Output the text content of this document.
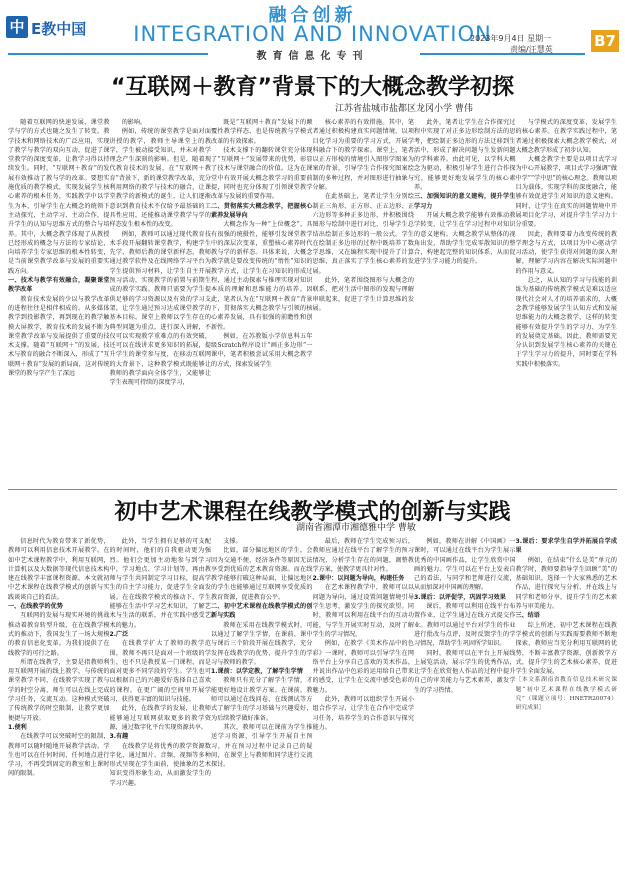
中 E教中国
融合创新
INTEGRATION AND INNOVATION
教育信息化专刊
2023年9月4日 星期一
责编/汪慧英	B7
“互联网＋教育”背景下的大概念教学初探
江苏省盐城市盐都区龙冈小学 曹伟

随着互联网的快速发展，课堂教学与学的方式也随之发生了转变。教学技术和网络技术的广泛应用，实现了教学与教学的双向互动，促进了课堂教学的深度变革，让教学习得以持续发生。同时，“互联网＋教育”的发展有效推动了教与学的改革。要想实施优质的教学模式，实现发展学生核心素养的根本任务，实践教学中以学生为本，引导学生在大概念的统领下主动探究，主动学习、主动合作，提升学生的认知与思维方式的整合与培养。其中，大概念教学体现了从教授已经形成的概念与方法的专家结论，向培养学生专家思维的根本性转变，是当前课堂教学改革与发展的重要实践方向。

一、技术与教学有效融合，凝聚课堂教学改革

教育技术发展的少以与教学改革的进程往往是相伴相成的。从多媒体教学到投影教学，再到现在的教学触摸大屏教学，教育技术的发展不断为课堂教学改革与发展提供了重要的技术支撑。随着“互联网＋”的发展，技术与教育的融合不断深入，形成了“互联网＋教育”发展的新局面，这对传统课堂的教与学产生了深远

的影响。

例如，传统的课堂教学是面对面讲授的教学，教师主导课堂上的教学，学生被动接受知识，并未对教学理念产生深刻的影响。但是，随着现代教育技术的发展，在“互联网＋教育”背景下，新的课堂教学改革，充分利用网络的教学与技术的融合，让课堂教学的新模式的诞生，让人们逐渐意识到教育技术不仅给予最基础的工具性应用，还能推动课堂教学与学的样态发生根本性的改变。

例如，教师可以通过现代教育技术手段开展翻转课堂教学，构建学生先学、教师后教的课堂新样态，教师通过教学软件及在线网络学习平台为学生提供预习材料，让学生自主开展预习活动，实现教学的前置与前期生成的教学实践。教师只需要为学生提供足够的学习资源以及有效的学习支架，让学生通过预习达成课堂教学的基本目标。课堂上教师以学生存在的典型问题为重点，进行深入讲解，不仅可以实现教学重难点的有效突破，还可以在线讲求更多知识的拓展，提升学生的课堂参与度，在移动互联网的大背景下，这种教学模式既能够让教师的教学面向全体学生，又能够让学生表现可持续的深度学习，

既是“互联网＋教育”发展下的颠覆性教学样态，也是传统教与学模式改革的有效探索。

技术支撑下的翻转课堂充分体现了“互联网＋”发展带来的优势，彰显了技术与课堂融合的价值。这为在课堂中有效开展大概念教学习的重要前提，同时也充分体现了引领课堂教学改革与发展的重要作用。

二、贯彻落实大概念教学，把握核心素养发展导向

大概念作为一种“上位概念”，具有很强的统摄性，能够引发课堂教学中的深层次变革，重塑核心素养时代教与学的新样态。具体来说，大概念教学就是要改变传统的“惰性”知识的教学方式，让学生在习知识的形成过程，通过主动探索与推理实现对知识本质的理解和思维能力的培养。因此，笔者认为在“互联网＋教育”背景下，贯彻落实大概念教学与引领的核心素养发展，具有很强的前瞻性和创新性。

例如，在苏教版小学信息科五年级Scratch程序设计“画正多边形”一课中，笔者积极尝试采用大概念教学的方式，探索发展学生

核心素养的有效措施。其中，笔者通过积极构建真实问题情境，以项目化学习为重要的学习方式，开展学科融合下的教学探索。课堂上，笔者以正方形棱的情境引入图形学图案为案的背景，引导学生合作探究图案绘制的多种过程，并对图形进行抽象与分解。

在此基础上，笔者让学生分别绘制正三角形、正方形、正五边形、正六边形等多种正多边形，并积极围绕图形与绘制中进行对比，引导学生总结出绘制正多边形的一般公式。学生在绘制正多边形的过程中既培养了数学思维，又在编程实现中提升了计算思维，真正落实了学生核心素养的发展。

此外，笔者围绕图形与大概念的联系，把对生活中图形的发现与理解串联起来，促进了学生计算思维的发展。

此外，笔者让学生在合作探究过程中实现了对正多边形绘制方法的思考，把绘制正多边形的方法迁移到生活中，形成了解决问题与生发新问题的学科素养。由此可见，以学科大概念为驱动，积极引导学生进行合作探究，能够更好地发展学生的核心素养。

三、加强知识的意义建构，提升学生学习力

开展大概念教学能够有效推动教学转变，让学生在学习过程中对知识的意义建构。大概念教学从整体的视角出发，帮助学生完成零散知识的整合，构建起完整的知识体系，从而促进学生学习能力的提升。

与学模式的深度变革，发展学生的核心素养。在教学实践过程中，笔者通过积极探索大概念教学模式，对大概念教学形成了初步认知。

大概念教学主要是以项目式学习为中心开展教学，项目式学习强调“做中学”“学中思”的核心理念。教师以项目为载体，实现学科的深度融合，能够有效促进学生对知识的意义建构。同时，让学生在真实的问题情境中开展项目化学习，对提升学生学习力十分重要。

因此，教师要着力改变传统的教学理念与方式，以项目为中心驱动学习活动，使学生获得对问题的深入理解，理解学习内容在解决实际问题中的作用与意义。

总之，从认知的学习与技能的训练为基础的传统教学模式是难以适应现代社会对人才的培养需求的，大概念教学能够发展学生认知方式和发展思维能力的大概念教学，这样的转变能够有效提升学生的学习力，为学生的发展奠定基础。因此，教师需要充分认识到发展学生核心素养的关键在于学生学习力的提升，同时要在学科实践中积极落实。

初中艺术课程在线教学模式的创新与实践
湖南省湘潭市湘德雅中学 曹敏

信息时代为教育带来了新优势，教师可以利用信息技术开展教学。在如中艺术课程教学中，利用互联网，计算机以及大数据等现代信息技术构建在线教学丰富课程资源。本文就初中艺术课程在线教学模式的创新与实践谈谈自己的看法。

一、在线教学的优势

互联网的发展与现实环境的挑战推动着教育转型升级，在在线教学模式的推动下，我国发生了一场大规模的教育信息化变革。为我们提供了在线教学的可行之路。

所谓在线教学，主要是指教师利用互联网开展的线上教学，与传统的课堂教学不同，在线教学实现了教与学的时空分离，师生可以在线上完成学习任务，交流互动。这种模式突破了传统教学的时空限制，让教学更加便捷与开放。

1.便利

在线教学可以突破时空的限制，教师可以随时随地开展教学活动。学生也可以在任何时间、任何地点进行学习，不再受到固定的教室和上课时间的限制。

此外，当学生拥有足够的可支配的时间时，他们的自我驱动更为强烈。他们会更加主动地参与到学习中，学习地点、学习计划等，再由教师与学生共同制定学习目标，提高学生的自主学习能力，促进学生全面发展。在在线教学模式的推动下，学生能够在生活中学习艺术知识，了解艺术与生活的联系，并在实践中感受艺术的魅力。

2.广泛

在线教学扩大了教师的教学范围，教师不再只是面对一个班级的学生，也不只是教授某一门课程，而是面对更多不同学段的学生。学生也可以根据自己的兴趣爱好选择自己喜欢的课程，在更广阔的空间里开展学习，获得更丰富的知识与技能。

此外，在线教学的发展，让教师能够通过互联网获取更多的教学资源，通过数字化平台实现资源共享。

3.有趣

在线教学是将优秀的教学资源数字化，通过图片、音频、视频等多种形式呈现在学生面前，使抽象的艺术知识变得形象生动，从而激发学生的学习兴趣。

支撑。

比如，部分偏远地区的学生，会因为交通不便、经济条件等原因无法享受到优质的艺术教育资源。而在线教学能够打破这种局面，让偏远地区的学生也能够通过互联网享受优质的教育资源，促进教育公平。

二、初中艺术课程在线教学模式的创新与实践

教师在采用在线教学模式时，可以通过了解学生学情，在课前、课中与课后三个阶段开展在线教学，充分发挥在线教学的优势，提升学生的学习与教师的教学。

1.课前：以学定教，了解学生学情

教师只有充分了解学生学情，才能更好地设计教学方案。在课前，教师可以通过在线问卷、在线测试等方式了解学生的学习基础与兴趣爱好，为后续教学做好准备。

其次，教师可以在课前为学生推送学习资源，引导学生开展自主预习，并在预习过程中记录自己的疑问，在课堂上与教师和同学进行交流探讨。

最后，教师在学生完成预习后，教师应通过在线平台了解学生的预习情况，分析学生存在的问题，调整教学方案，使教学更具针对性。

2.课中：以问题为导向，构建任务

在艺术课程教学中，教师可以以问题为导向，通过设置问题情境引导学生思考，激发学生的探究欲望。同时，教师可以利用在线平台的互动功能，与学生开展实时互动，及时了解学生的学习情况。

例如，在教学《美术作品中的色彩》一课时，教师可以引导学生在网络平台上分享自己喜欢的美术作品，并说出作品中色彩的运用给自己带来的感受，让学生在交流中感受色彩的魅力。

此外，教师可以组织学生开展小组合作学习，让学生在合作中完成学习任务，培养学生的合作意识与探究能力。

例如，教师在讲解《中国画》一课时，可以通过在线平台为学生展示优秀的中国画作品，让学生欣赏中国画的魅力。学生可以在平台上发表自己的看法，与同学和老师进行交流，从而加深对中国画的理解。

3.课后：以评促学，巩固学习效果

课后，教师可以利用在线平台布置作业，让学生通过在线方式提交作业。教师可以通过平台对学生的作业进行批改与点评，及时反馈学生的学习情况，帮助学生巩固所学知识。

同时，教师可以在平台上开展线上展览活动，展示学生的优秀作品，让学生在欣赏他人作品的过程中提升自己的审美能力与艺术素养，激发学生的学习热情。

3.课后：要求学生自学并拓展自学成果

例如，在结束“什么是美”单元的教学时，教师要指导学生回顾“美”的基础知识，选择一个大家熟悉的艺术作品，进行探究与分析，并在线上与同学和老师分享，提升学生的艺术素养与审美能力。

三、结语

综上所述，初中艺术课程在线教学模式的创新与实践需要教师不断地探索，教师应当充分利用互联网的优势，不断丰富教学资源，创新教学方式，提升学生的艺术核心素养，促进学生全面发展。

［本文系湖南省教育信息技术研究课题“初中艺术课程在线教学模式研究”（课题立项号：HNETR20074）研究成果］
